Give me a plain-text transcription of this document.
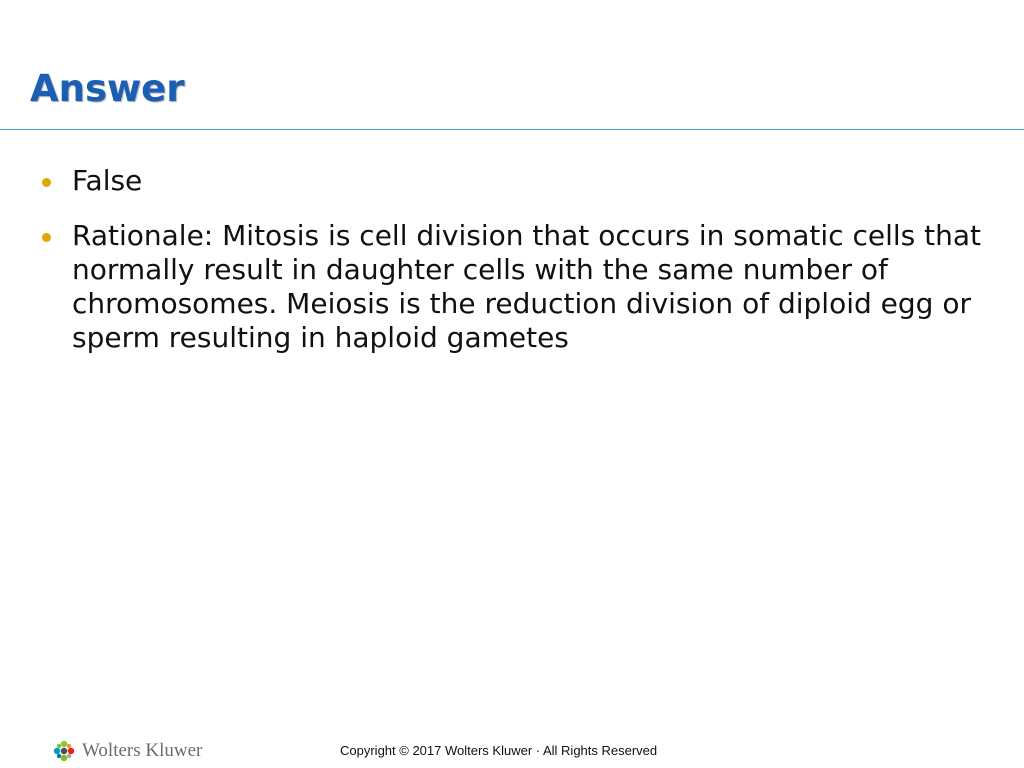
Answer
False
Rationale: Mitosis is cell division that occurs in somatic cells that normally result in daughter cells with the same number of chromosomes. Meiosis is the reduction division of diploid egg or sperm resulting in haploid gametes
Wolters Kluwer	Copyright © 2017 Wolters Kluwer · All Rights Reserved
